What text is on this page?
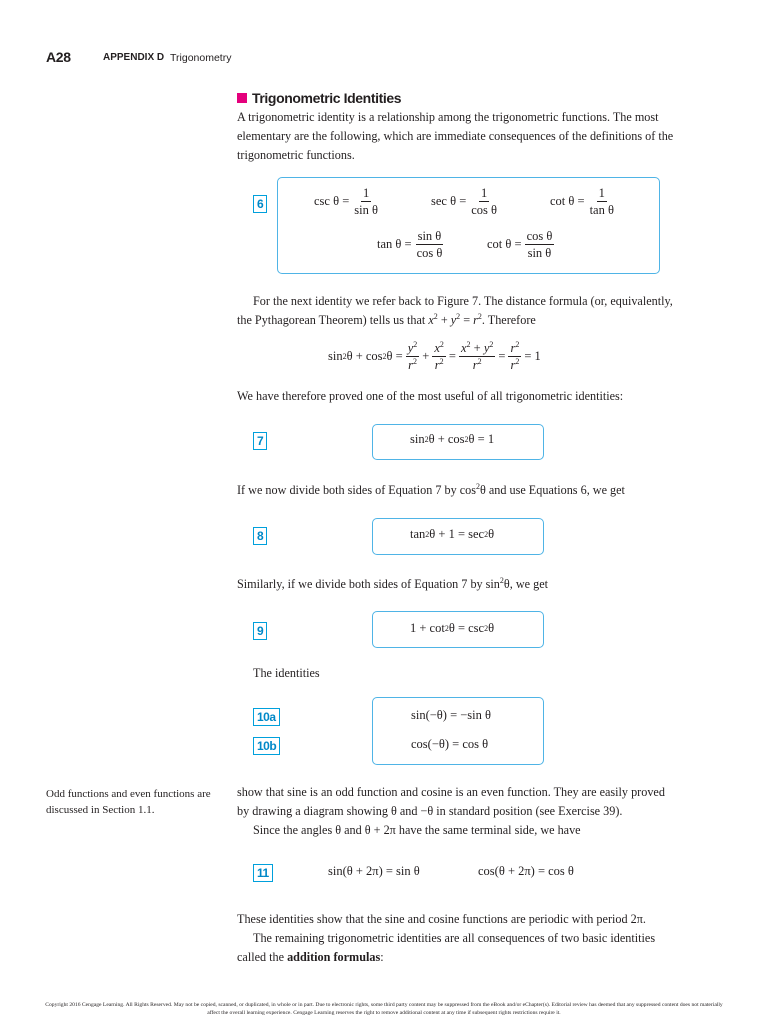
A28	APPENDIX D Trigonometry
Trigonometric Identities

A trigonometric identity is a relationship among the trigonometric functions. The most elementary are the following, which are immediate consequences of the definitions of the trigonometric functions.

6	$\csc \theta = \frac{1}{\text{sin θ}}$	$\sec \theta = \frac{1}{\text{cos θ}}$	$\cot \theta = \frac{1}{\text{tan θ}}$
$\tan \theta = \frac{\text{sin θ}}{\text{cos θ}}$	$\cot \theta = \frac{\text{cos θ}}{\text{sin θ}}$
For the next identity we refer back to Figure 7. The distance formula (or, equivalently, the Pythagorean Theorem) tells us that $x^2 + y^2 = r^2$. Therefore
sin 2 θ + cos 2 $\theta = \frac{y^2}{r^2} + \frac{x^2}{r^2} = \frac{x^2 + y^2}{r^2} = \frac{r^2}{r^2} = 1$
We have therefore proved one of the most useful of all trigonometric identities:
7	sin 2 θ + cos 2 θ = 1
If we now divide both sides of Equation 7 by $\cos^2\theta$ and use Equations 6, we get
8	tan 2 θ + 1 = sec 2 θ
Similarly, if we divide both sides of Equation 7 by $\sin^2\theta$, we get
9	1 + cot 2 θ = csc 2 θ
The identities
10a	sin(−θ) = −sin θ
10b	cos(−θ) = cos θ
Odd functions and even functions are discussed in Section 1.1.
show that sine is an odd function and cosine is an even function. They are easily proved by drawing a diagram showing θ and −θ in standard position (see Exercise 39).
Since the angles θ and θ + 2π have the same terminal side, we have
11	sin(θ + 2π) = sin θ	cos(θ + 2π) = cos θ
These identities show that the sine and cosine functions are periodic with period 2π.
The remaining trigonometric identities are all consequences of two basic identities called the addition formulas:
Copyright 2016 Cengage Learning. All Rights Reserved. May not be copied, scanned, or duplicated, in whole or in part. Due to electronic rights, some third party content may be suppressed from the eBook and/or eChapter(s). Editorial review has deemed that any suppressed content does not materially affect the overall learning experience. Cengage Learning reserves the right to remove additional content at any time if subsequent rights restrictions require it.
